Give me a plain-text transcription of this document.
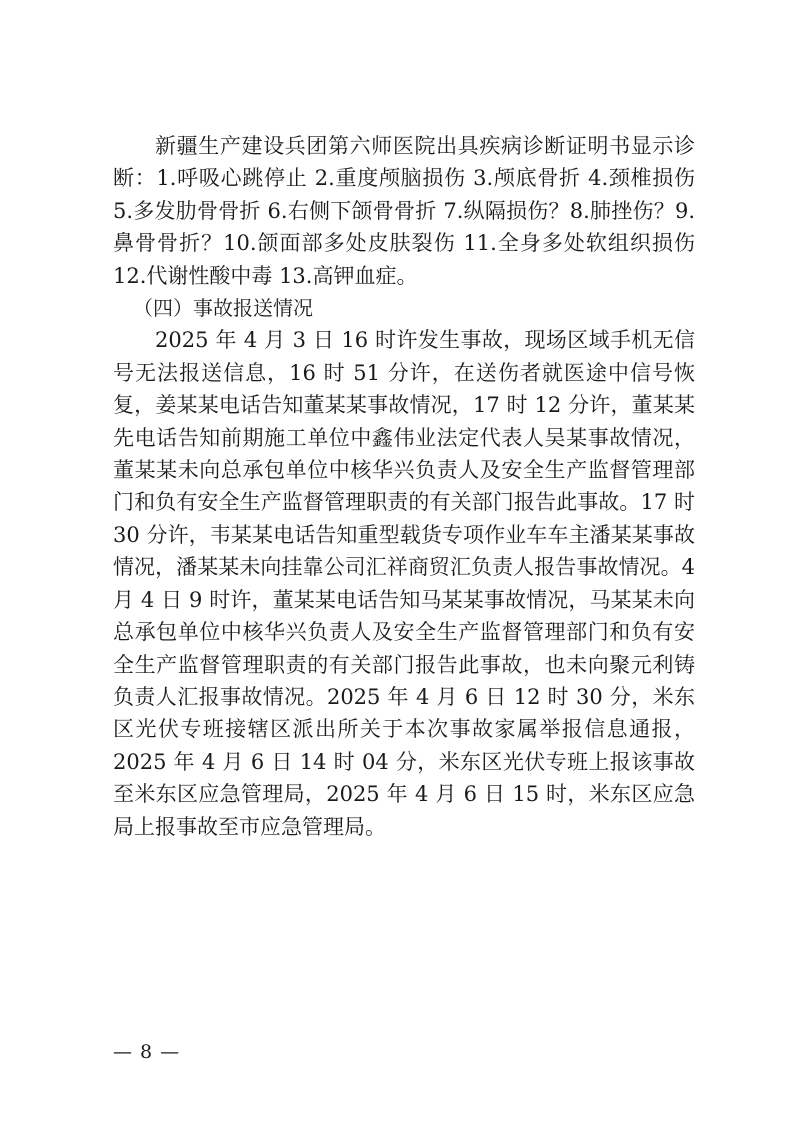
新疆生产建设兵团第六师医院出具疾病诊断证明书显示诊断：1.呼吸心跳停止 2.重度颅脑损伤 3.颅底骨折 4.颈椎损伤 5.多发肋骨骨折 6.右侧下颌骨骨折 7.纵隔损伤？8.肺挫伤？9.鼻骨骨折？10.颌面部多处皮肤裂伤 11.全身多处软组织损伤 12.代谢性酸中毒 13.高钾血症。

（四）事故报送情况

2025 年 4 月 3 日 16 时许发生事故，现场区域手机无信号无法报送信息，16 时 51 分许，在送伤者就医途中信号恢复，姜某某电话告知董某某事故情况，17 时 12 分许，董某某先电话告知前期施工单位中鑫伟业法定代表人吴某事故情况，董某某未向总承包单位中核华兴负责人及安全生产监督管理部门和负有安全生产监督管理职责的有关部门报告此事故。17 时 30 分许，韦某某电话告知重型载货专项作业车车主潘某某事故情况，潘某某未向挂靠公司汇祥商贸汇负责人报告事故情况。4 月 4 日 9 时许，董某某电话告知马某某事故情况，马某某未向总承包单位中核华兴负责人及安全生产监督管理部门和负有安全生产监督管理职责的有关部门报告此事故，也未向聚元利铸负责人汇报事故情况。2025 年 4 月 6 日 12 时 30 分，米东区光伏专班接辖区派出所关于本次事故家属举报信息通报，2025 年 4 月 6 日 14 时 04 分，米东区光伏专班上报该事故至米东区应急管理局，2025 年 4 月 6 日 15 时，米东区应急局上报事故至市应急管理局。

— 8 —
